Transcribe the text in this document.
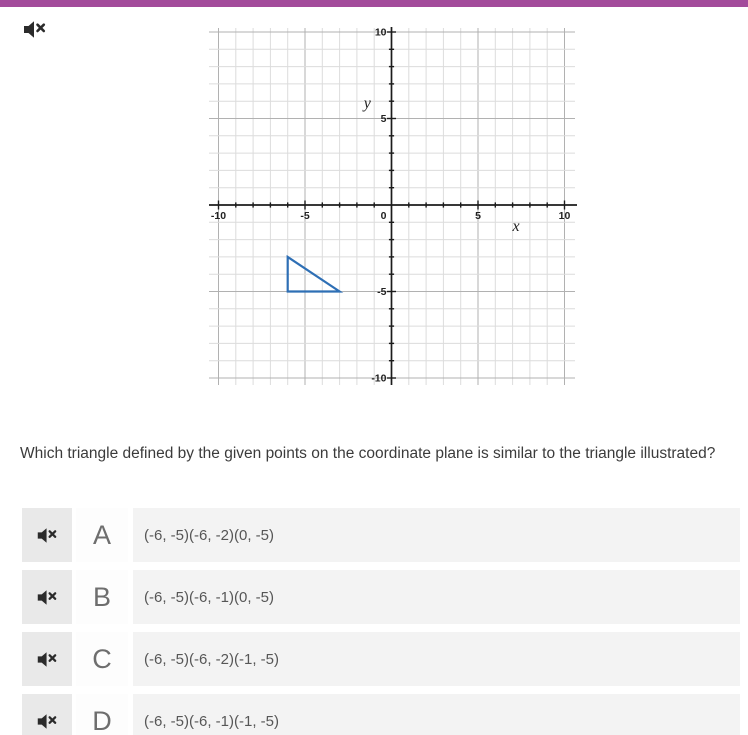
-10	-5	0	5	10
10
5
-5
-10
y
x
Which triangle defined by the given points on the coordinate plane is similar to the triangle illustrated?
A	(-6, -5)(-6, -2)(0, -5)
B	(-6, -5)(-6, -1)(0, -5)
C	(-6, -5)(-6, -2)(-1, -5)
D	(-6, -5)(-6, -1)(-1, -5)
